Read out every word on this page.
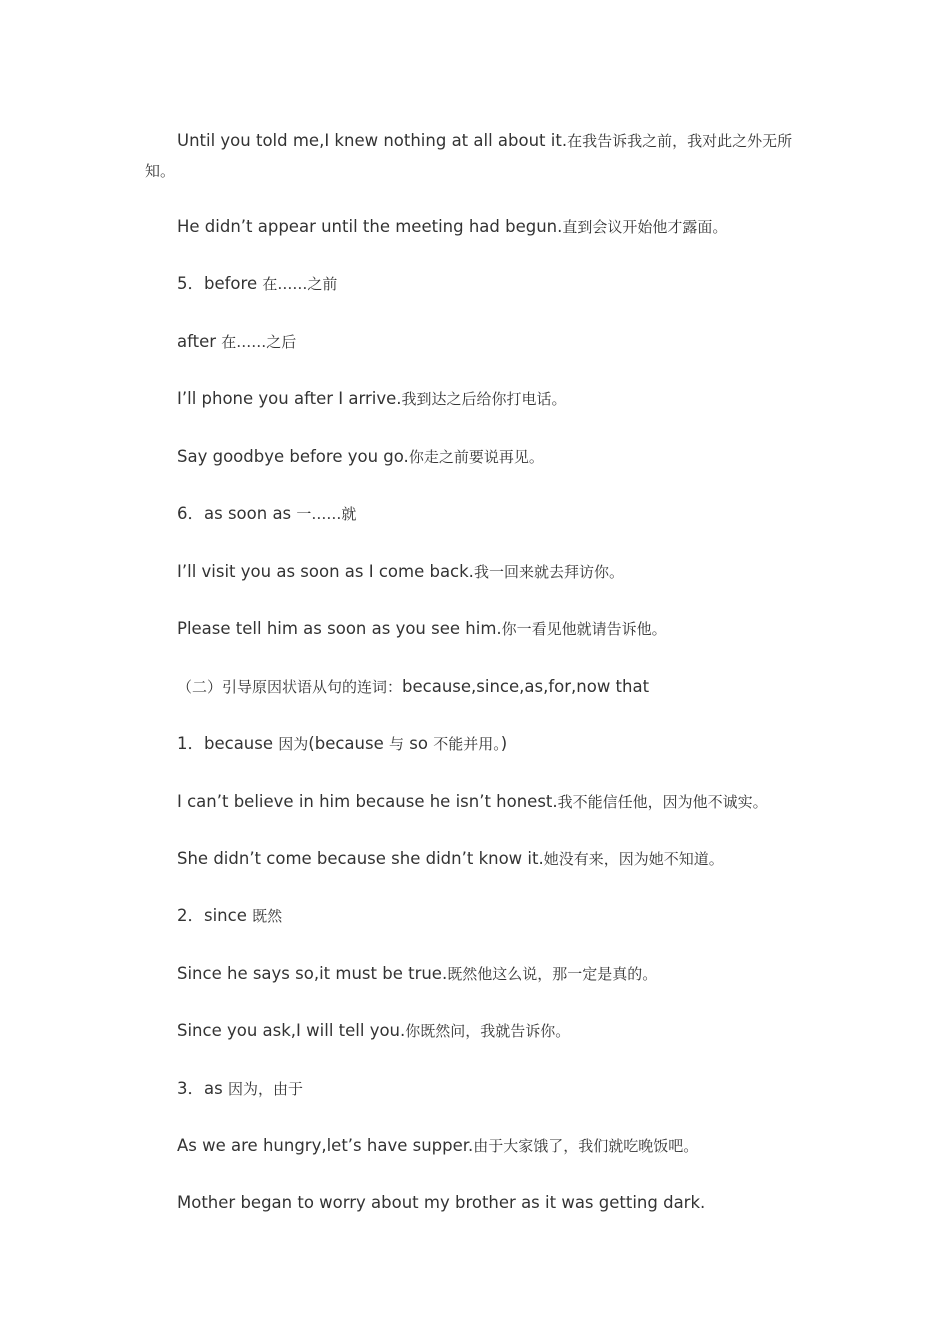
Until you told me,I knew nothing at all about it.在我告诉我之前，我对此之外无所知。

He didn’t appear until the meeting had begun.直到会议开始他才露面。

5．before 在……之前

after 在……之后

I’ll phone you after I arrive.我到达之后给你打电话。

Say goodbye before you go.你走之前要说再见。

6．as soon as 一……就

I’ll visit you as soon as I come back.我一回来就去拜访你。

Please tell him as soon as you see him.你一看见他就请告诉他。

（二）引导原因状语从句的连词：because,since,as,for,now that

1．because 因为(because 与 so 不能并用。)

I can’t believe in him because he isn’t honest.我不能信任他，因为他不诚实。

She didn’t come because she didn’t know it.她没有来，因为她不知道。

2．since 既然

Since he says so,it must be true.既然他这么说，那一定是真的。

Since you ask,I will tell you.你既然问，我就告诉你。

3．as 因为，由于

As we are hungry,let’s have supper.由于大家饿了，我们就吃晚饭吧。

Mother began to worry about my brother as it was getting dark.
